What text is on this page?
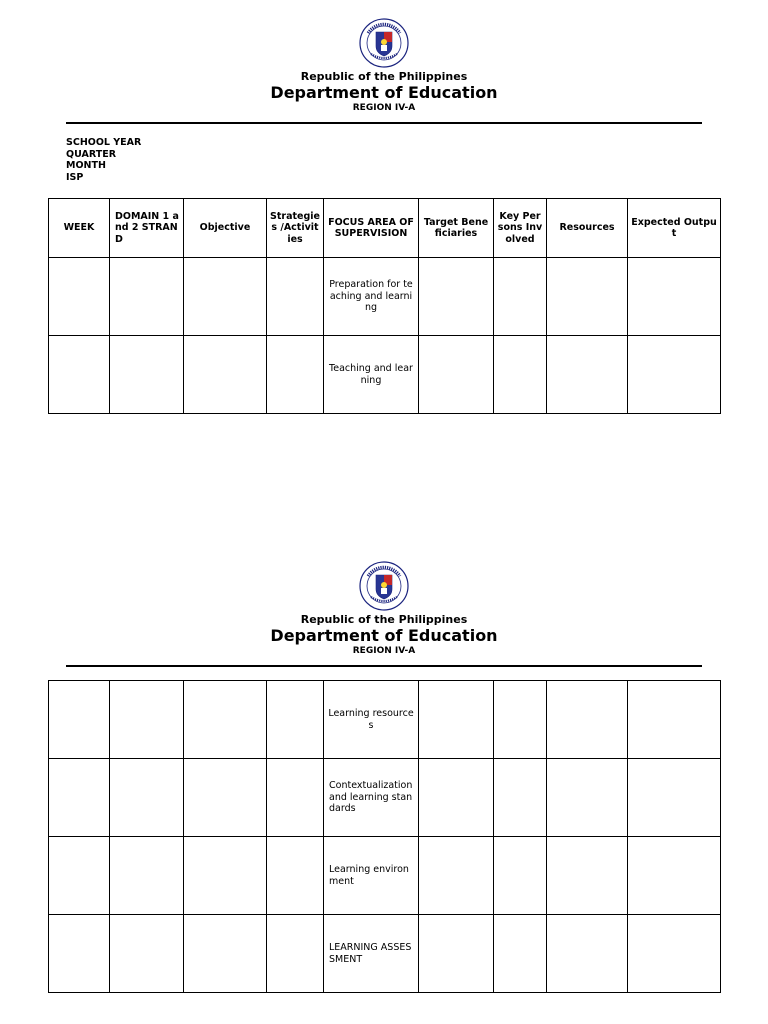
Republic of the Philippines
Department of Education
REGION IV-A
SCHOOL YEAR
QUARTER
MONTH
ISP
WEEK	DOMAIN 1 and 2 STRAND	Objective	Strategies /Activities	FOCUS AREA OF SUPERVISION	Target Beneficiaries	Key Persons Involved	Resources	Expected Output
				Preparation for teaching and learning				
				Teaching and learning				
Republic of the Philippines
Department of Education
REGION IV-A
				Learning resources				
				Contextualization and learning standards				
				Learning environment				
				LEARNING ASSESSMENT				
